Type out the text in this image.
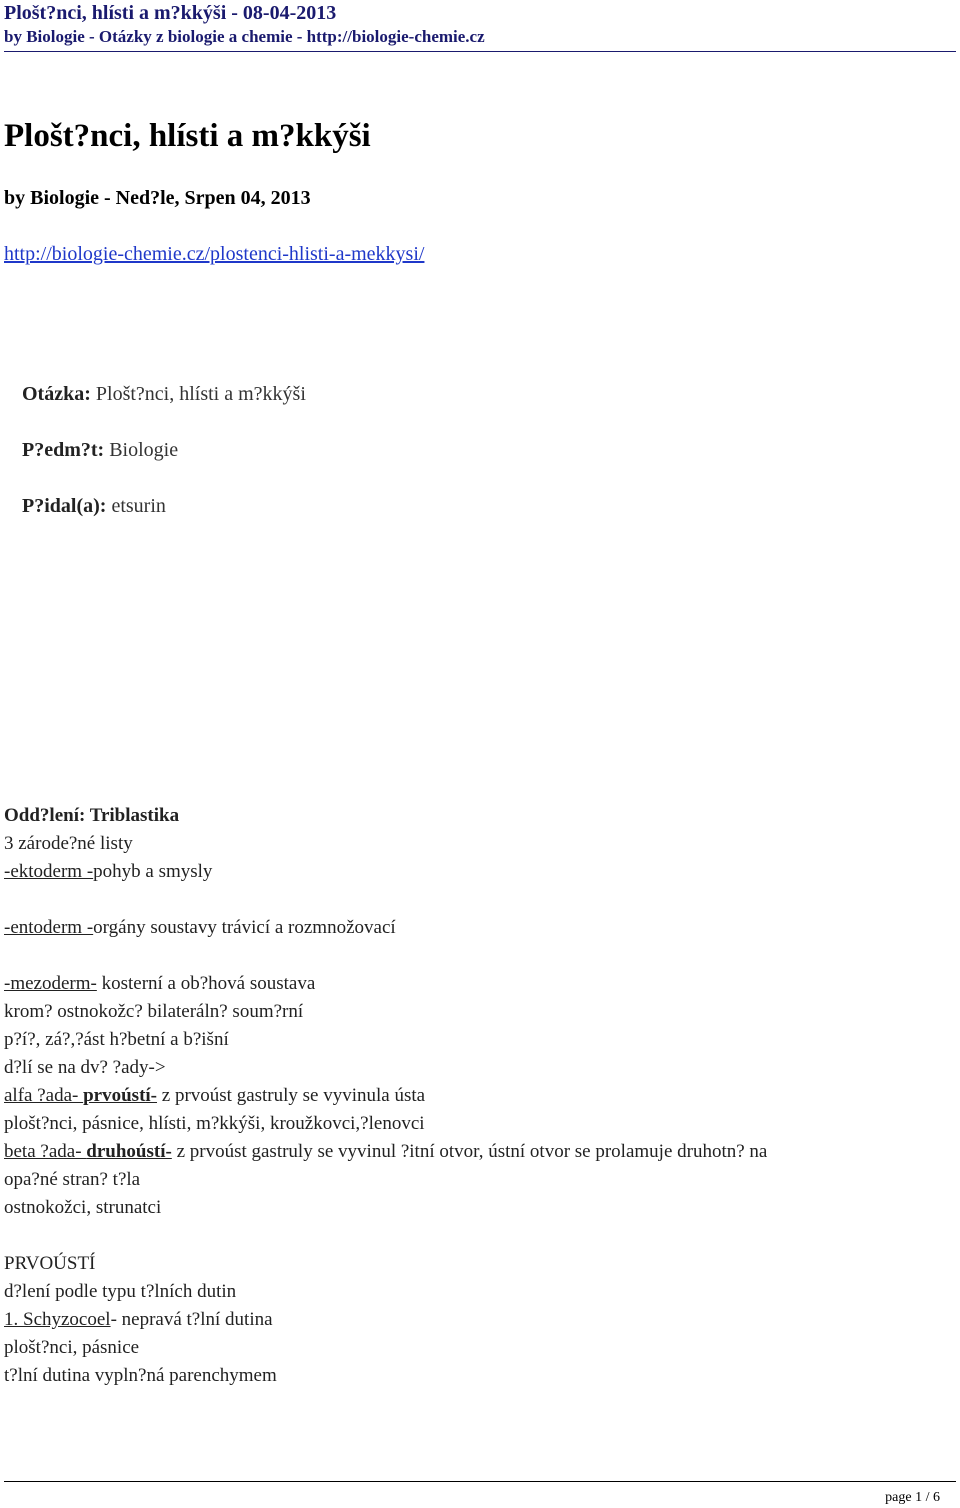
Plošt?nci, hlísti a m?kkýši - 08-04-2013
by Biologie - Otázky z biologie a chemie - http://biologie-chemie.cz
Plošt?nci, hlísti a m?kkýši
by Biologie - Ned?le, Srpen 04, 2013
http://biologie-chemie.cz/plostenci-hlisti-a-mekkysi/
Otázka: Plošt?nci, hlísti a m?kkýši
P?edm?t: Biologie
P?idal(a): etsurin
Odd?lení: Triblastika
3 zárode?né listy
-ektoderm -pohyb a smysly
-entoderm -orgány soustavy trávicí a rozmnožovací
-mezoderm- kosterní a ob?hová soustava
krom? ostnokožc? bilateráln? soum?rní
p?í?, zá?,?ást h?betní a b?išní
d?lí se na dv? ?ady->
alfa ?ada- prvoústí- z prvoúst gastruly se vyvinula ústa
plošt?nci, pásnice, hlísti, m?kkýši, kroužkovci,?lenovci
beta ?ada- druhoústí- z prvoúst gastruly se vyvinul ?itní otvor, ústní otvor se prolamuje druhotn? na
opa?né stran? t?la
ostnokožci, strunatci
PRVOÚSTÍ
d?lení podle typu t?lních dutin
1. Schyzocoel- nepravá t?lní dutina
plošt?nci, pásnice
t?lní dutina vypln?ná parenchymem
page 1 / 6
